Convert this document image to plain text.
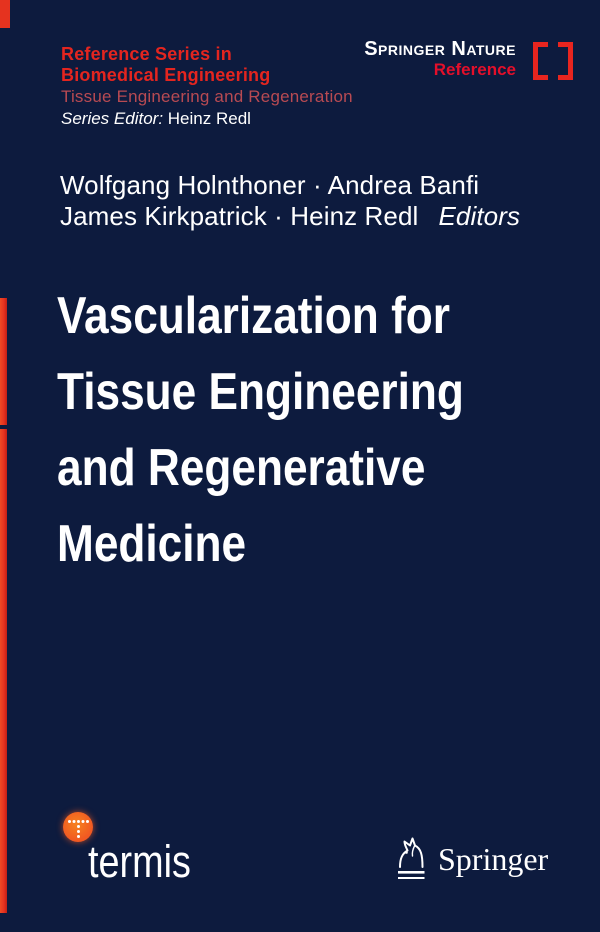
Reference Series in
Biomedical Engineering
Tissue Engineering and Regeneration
Series Editor: Heinz Redl
Springer Nature
Reference
Wolfgang Holnthoner · Andrea Banfi
James Kirkpatrick · Heinz Redl Editors
Vascularization for
Tissue Engineering
and Regenerative
Medicine
termis	Springer
